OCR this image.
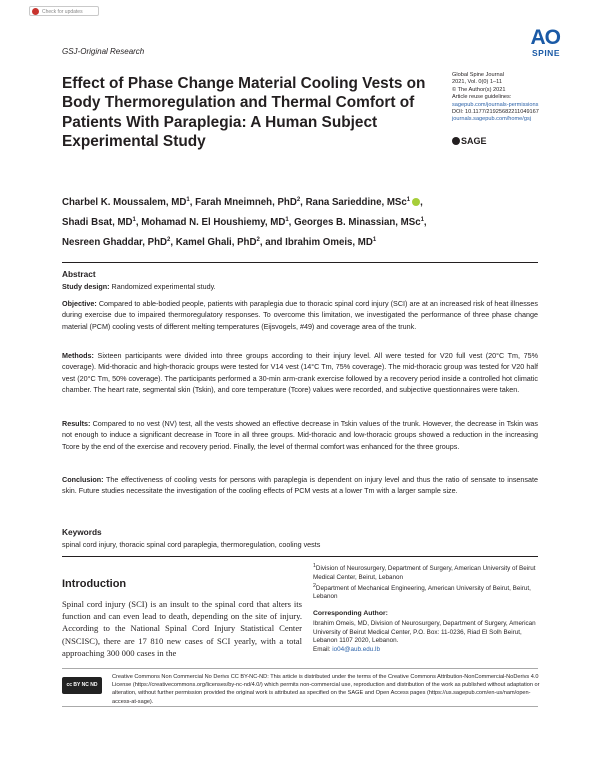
Check for updates
AO
SPINE
GSJ-Original Research
Effect of Phase Change Material Cooling Vests on Body Thermoregulation and Thermal Comfort of Patients With Paraplegia: A Human Subject Experimental Study
Global Spine Journal
2021, Vol. 0(0) 1–11
© The Author(s) 2021
Article reuse guidelines:
sagepub.com/journals-permissions
DOI: 10.1177/21925682211049167
journals.sagepub.com/home/gsj
SAGE
Charbel K. Moussalem, $MD^1$, Farah Mneimneh, PhD$^2$, Rana Sarieddine, MSc$^1$ ,
Shadi Bsat, $MD^1$, Mohamad N. El Houshiemy, $MD^1$, Georges B. Minassian, MSc$^1$,
Nesreen Ghaddar, PhD$^2$, Kamel Ghali, PhD$^2$, and Ibrahim Omeis, $MD^1$
Abstract
Study design: Randomized experimental study.
Objective: Compared to able-bodied people, patients with paraplegia due to thoracic spinal cord injury (SCI) are at an increased risk of heat illnesses during exercise due to impaired thermoregulatory responses. To overcome this limitation, we investigated the performance of three phase change material (PCM) cooling vests of different melting temperatures (Eijsvogels, #49) and coverage area of the trunk.
Methods: Sixteen participants were divided into three groups according to their injury level. All were tested for V20 full vest (20°C Tm, 75% coverage). Mid-thoracic and high-thoracic groups were tested for V14 vest (14°C Tm, 75% coverage). The mid-thoracic group was tested for V20 half vest (20°C Tm, 50% coverage). The participants performed a 30-min arm-crank exercise followed by a recovery period inside a controlled hot climatic chamber. The heart rate, segmental skin (Tskin), and core temperature (Tcore) values were recorded, and subjective questionnaires were taken.
Results: Compared to no vest (NV) test, all the vests showed an effective decrease in Tskin values of the trunk. However, the decrease in Tskin was not enough to induce a significant decrease in Tcore in all three groups. Mid-thoracic and low-thoracic groups showed a reduction in the increasing Tcore by the end of the exercise and recovery period. Finally, the level of thermal comfort was enhanced for the three groups.
Conclusion: The effectiveness of cooling vests for persons with paraplegia is dependent on injury level and thus the ratio of sensate to insensate skin. Future studies necessitate the investigation of the cooling effects of PCM vests at a lower Tm with a larger sample size.
Keywords
spinal cord injury, thoracic spinal cord paraplegia, thermoregulation, cooling vests
Introduction
Spinal cord injury (SCI) is an insult to the spinal cord that alters its function and can even lead to death, depending on the site of injury. According to the National Spinal Cord Injury Statistical Center (NSCISC), there are 17 810 new cases of SCI yearly, with a total approaching 300 000 cases in the
$^1$Division of Neurosurgery, Department of Surgery, American University of Beirut Medical Center, Beirut, Lebanon
$^2$Department of Mechanical Engineering, American University of Beirut, Beirut, Lebanon
Corresponding Author:
Ibrahim Omeis, MD, Division of Neurosurgery, Department of Surgery, American University of Beirut Medical Center, P.O. Box: 11-0236, Riad El Solh Beirut, Lebanon 1107 2020, Lebanon.
Email: io04@aub.edu.lb
cc BY NC ND
Creative Commons Non Commercial No Derivs CC BY-NC-ND: This article is distributed under the terms of the Creative Commons Attribution-NonCommercial-NoDerivs 4.0 License (https://creativecommons.org/licenses/by-nc-nd/4.0/) which permits non-commercial use, reproduction and distribution of the work as published without adaptation or alteration, without further permission provided the original work is attributed as specified on the SAGE and Open Access pages (https://us.sagepub.com/en-us/nam/open-access-at-sage).
